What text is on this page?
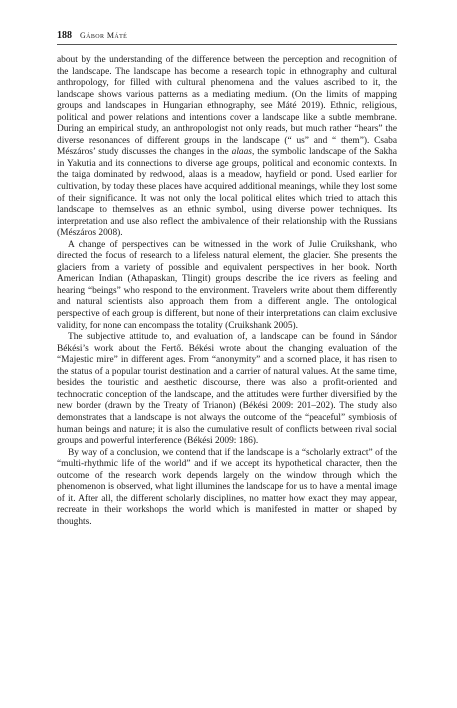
188 Gábor Máté

about by the understanding of the difference between the perception and recognition of the landscape. The landscape has become a research topic in ethnography and cultural anthropology, for filled with cultural phenomena and the values ascribed to it, the landscape shows various patterns as a mediating medium. (On the limits of mapping groups and landscapes in Hungarian ethnography, see Máté 2019). Ethnic, religious, political and power relations and intentions cover a landscape like a subtle membrane. During an empirical study, an anthropologist not only reads, but much rather “hears” the diverse resonances of different groups in the landscape (“ us” and “ them”). Csaba Mészáros’ study discusses the changes in the alaas, the symbolic landscape of the Sakha in Yakutia and its connections to diverse age groups, political and economic contexts. In the taiga dominated by redwood, alaas is a meadow, hayfield or pond. Used earlier for cultivation, by today these places have acquired additional meanings, while they lost some of their significance. It was not only the local political elites which tried to attach this landscape to themselves as an ethnic symbol, using diverse power techniques. Its interpretation and use also reflect the ambivalence of their relationship with the Russians (Mészáros 2008).

A change of perspectives can be witnessed in the work of Julie Cruikshank, who directed the focus of research to a lifeless natural element, the glacier. She presents the glaciers from a variety of possible and equivalent perspectives in her book. North American Indian (Athapaskan, Tlingit) groups describe the ice rivers as feeling and hearing “beings” who respond to the environment. Travelers write about them differently and natural scientists also approach them from a different angle. The ontological perspective of each group is different, but none of their interpretations can claim exclusive validity, for none can encompass the totality (Cruikshank 2005).

The subjective attitude to, and evaluation of, a landscape can be found in Sándor Békési’s work about the Fertő. Békési wrote about the changing evaluation of the “Majestic mire” in different ages. From “anonymity” and a scorned place, it has risen to the status of a popular tourist destination and a carrier of natural values. At the same time, besides the touristic and aesthetic discourse, there was also a profit-oriented and technocratic conception of the landscape, and the attitudes were further diversified by the new border (drawn by the Treaty of Trianon) (Békési 2009: 201–202). The study also demonstrates that a landscape is not always the outcome of the “peaceful” symbiosis of human beings and nature; it is also the cumulative result of conflicts between rival social groups and powerful interference (Békési 2009: 186).

By way of a conclusion, we contend that if the landscape is a “scholarly extract” of the “multi-rhythmic life of the world” and if we accept its hypothetical character, then the outcome of the research work depends largely on the window through which the phenomenon is observed, what light illumines the landscape for us to have a mental image of it. After all, the different scholarly disciplines, no matter how exact they may appear, recreate in their workshops the world which is manifested in matter or shaped by thoughts.
